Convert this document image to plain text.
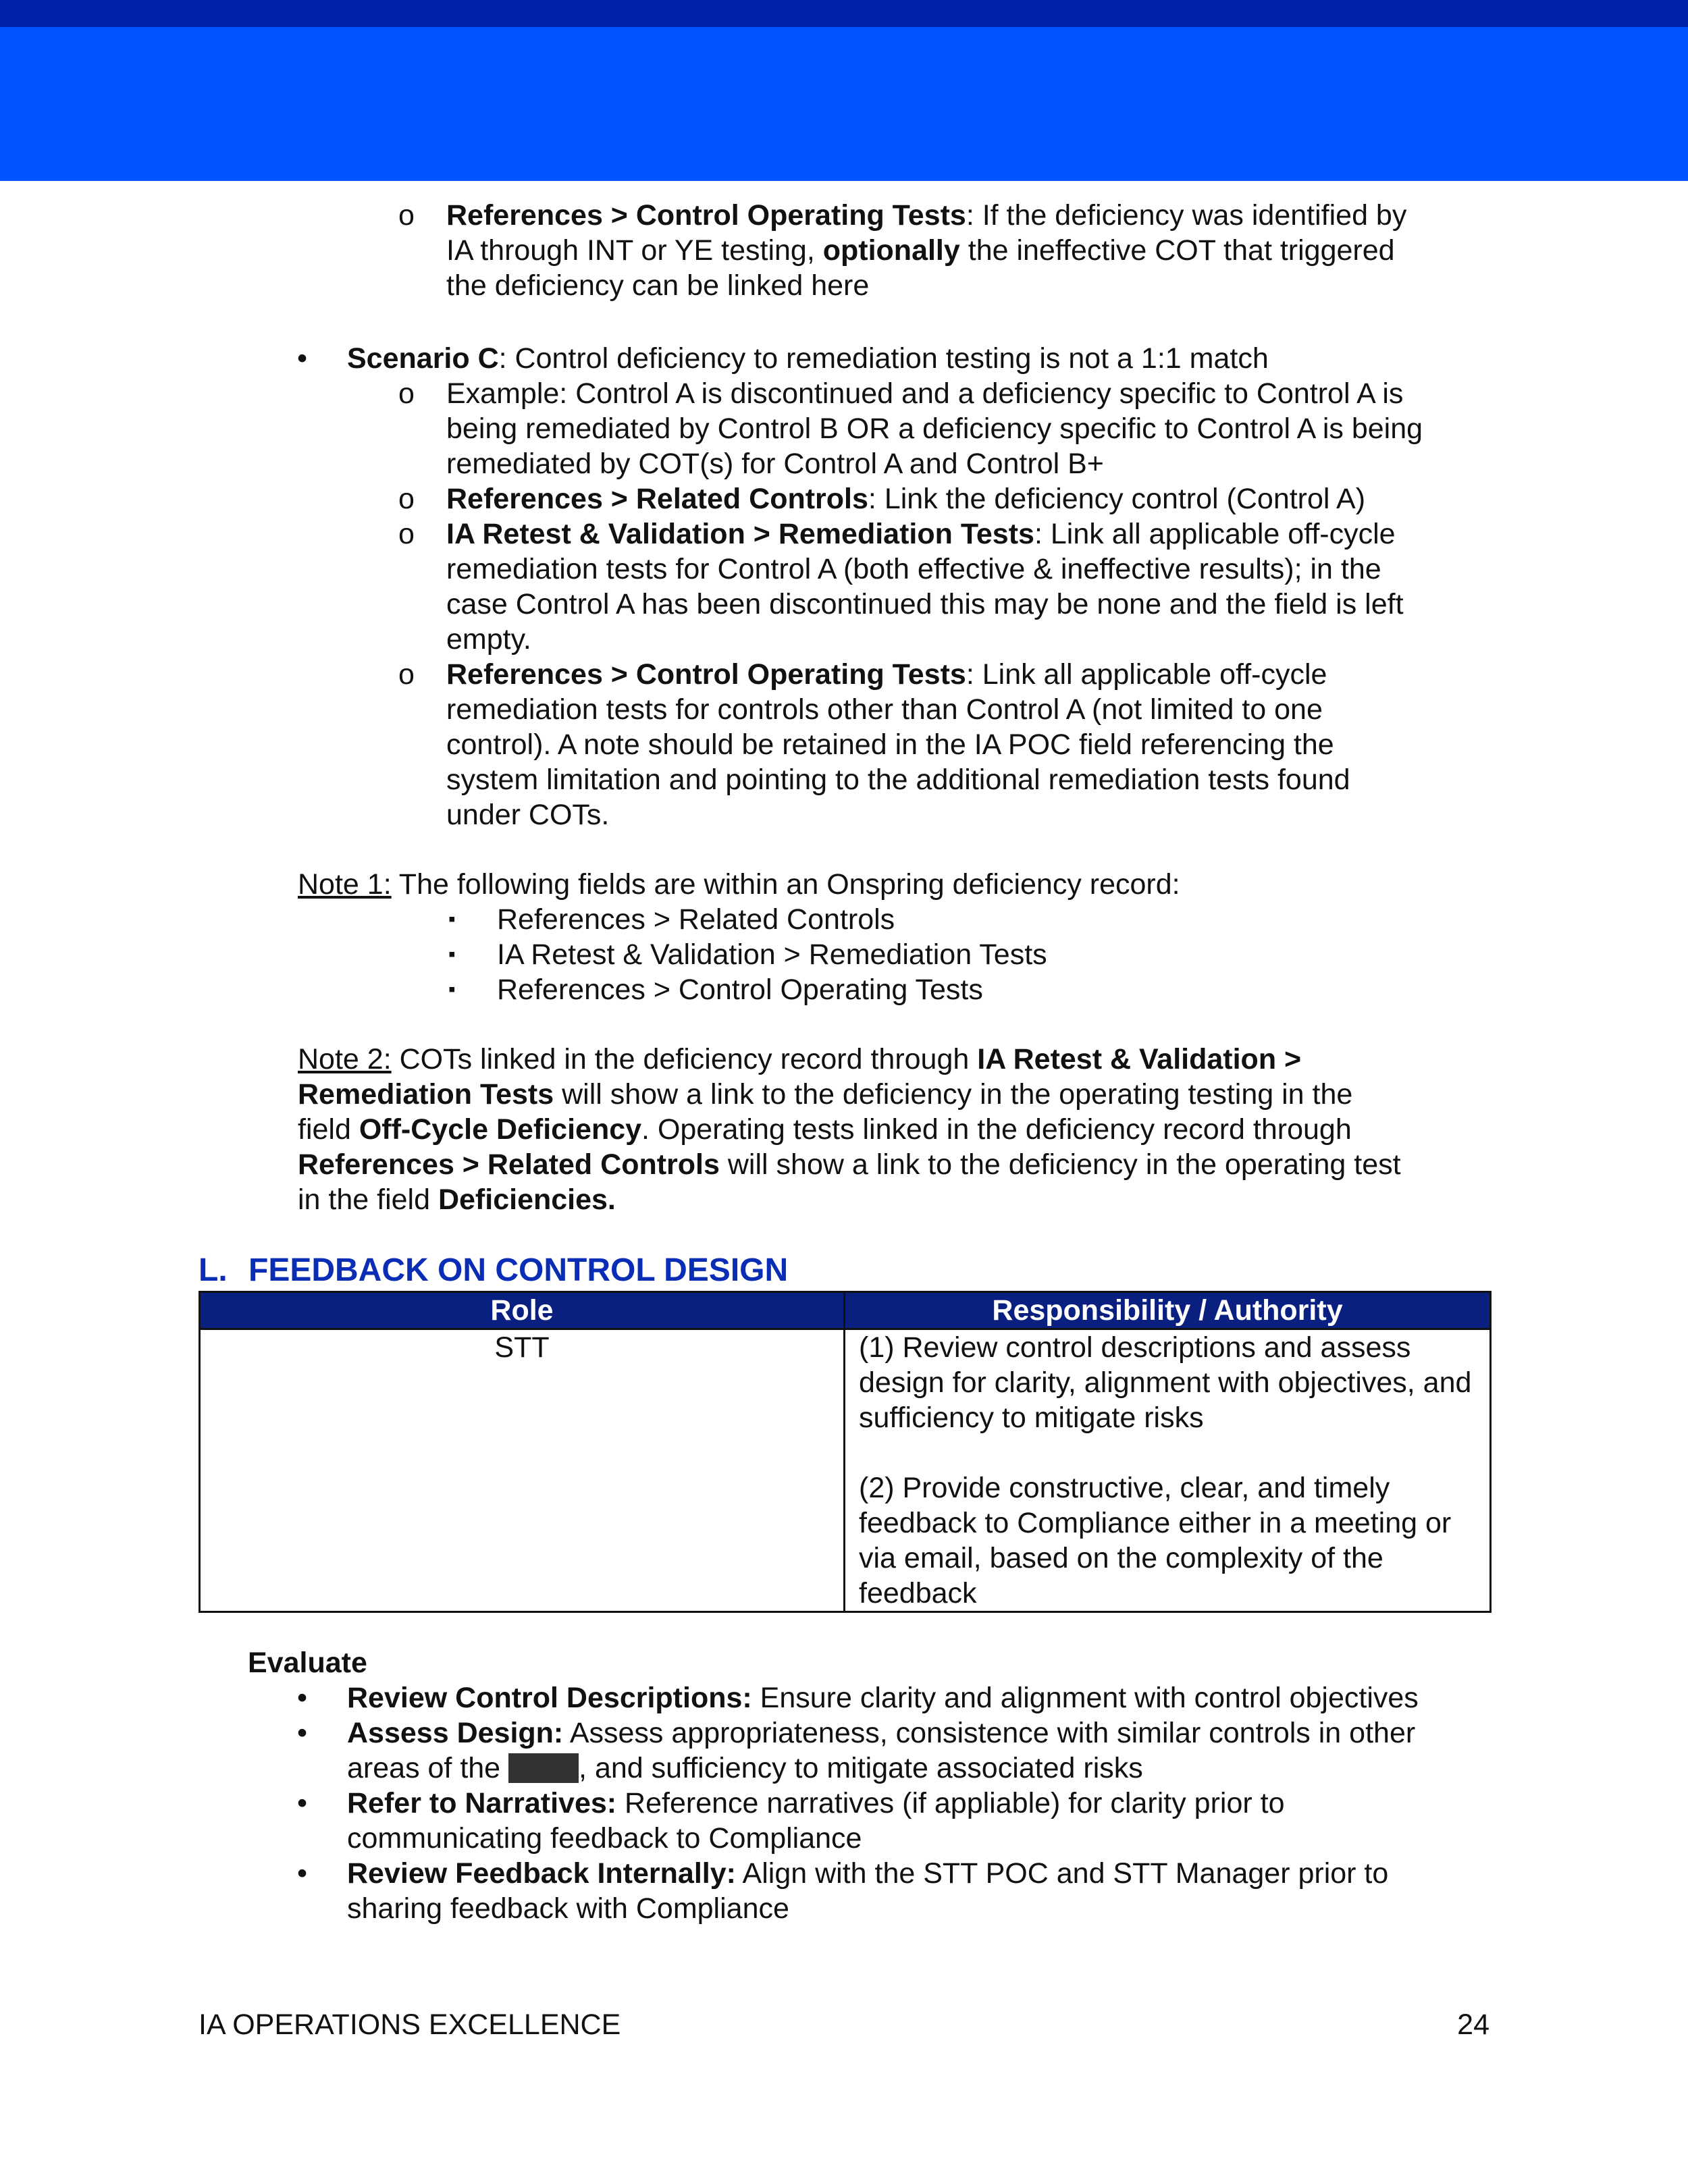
o References > Control Operating Tests: If the deficiency was identified by

IA through INT or YE testing, optionally the ineffective COT that triggered

the deficiency can be linked here

• Scenario C: Control deficiency to remediation testing is not a 1:1 match

o Example: Control A is discontinued and a deficiency specific to Control A is

being remediated by Control B OR a deficiency specific to Control A is being

remediated by COT(s) for Control A and Control B+

o References > Related Controls: Link the deficiency control (Control A)

o IA Retest & Validation > Remediation Tests: Link all applicable off-cycle

remediation tests for Control A (both effective & ineffective results); in the

case Control A has been discontinued this may be none and the field is left

empty.

o References > Control Operating Tests: Link all applicable off-cycle

remediation tests for controls other than Control A (not limited to one

control). A note should be retained in the IA POC field referencing the

system limitation and pointing to the additional remediation tests found

under COTs.

Note 1: The following fields are within an Onspring deficiency record:

▪ References > Related Controls

▪ IA Retest & Validation > Remediation Tests

▪ References > Control Operating Tests

Note 2: COTs linked in the deficiency record through IA Retest & Validation >

Remediation Tests will show a link to the deficiency in the operating testing in the

field Off-Cycle Deficiency. Operating tests linked in the deficiency record through

References > Related Controls will show a link to the deficiency in the operating test

in the field Deficiencies.

L. FEEDBACK ON CONTROL DESIGN

Role	Responsibility / Authority
STT	(1) Review control descriptions and assess design for clarity, alignment with objectives, and sufficiency to mitigate risks
(2) Provide constructive, clear, and timely feedback to Compliance either in a meeting or via email, based on the complexity of the feedback

Evaluate

• Review Control Descriptions: Ensure clarity and alignment with control objectives

• Assess Design: Assess appropriateness, consistence with similar controls in other

areas of the , and sufficiency to mitigate associated risks

• Refer to Narratives: Reference narratives (if appliable) for clarity prior to

communicating feedback to Compliance

• Review Feedback Internally: Align with the STT POC and STT Manager prior to

sharing feedback with Compliance

IA OPERATIONS EXCELLENCE	24
